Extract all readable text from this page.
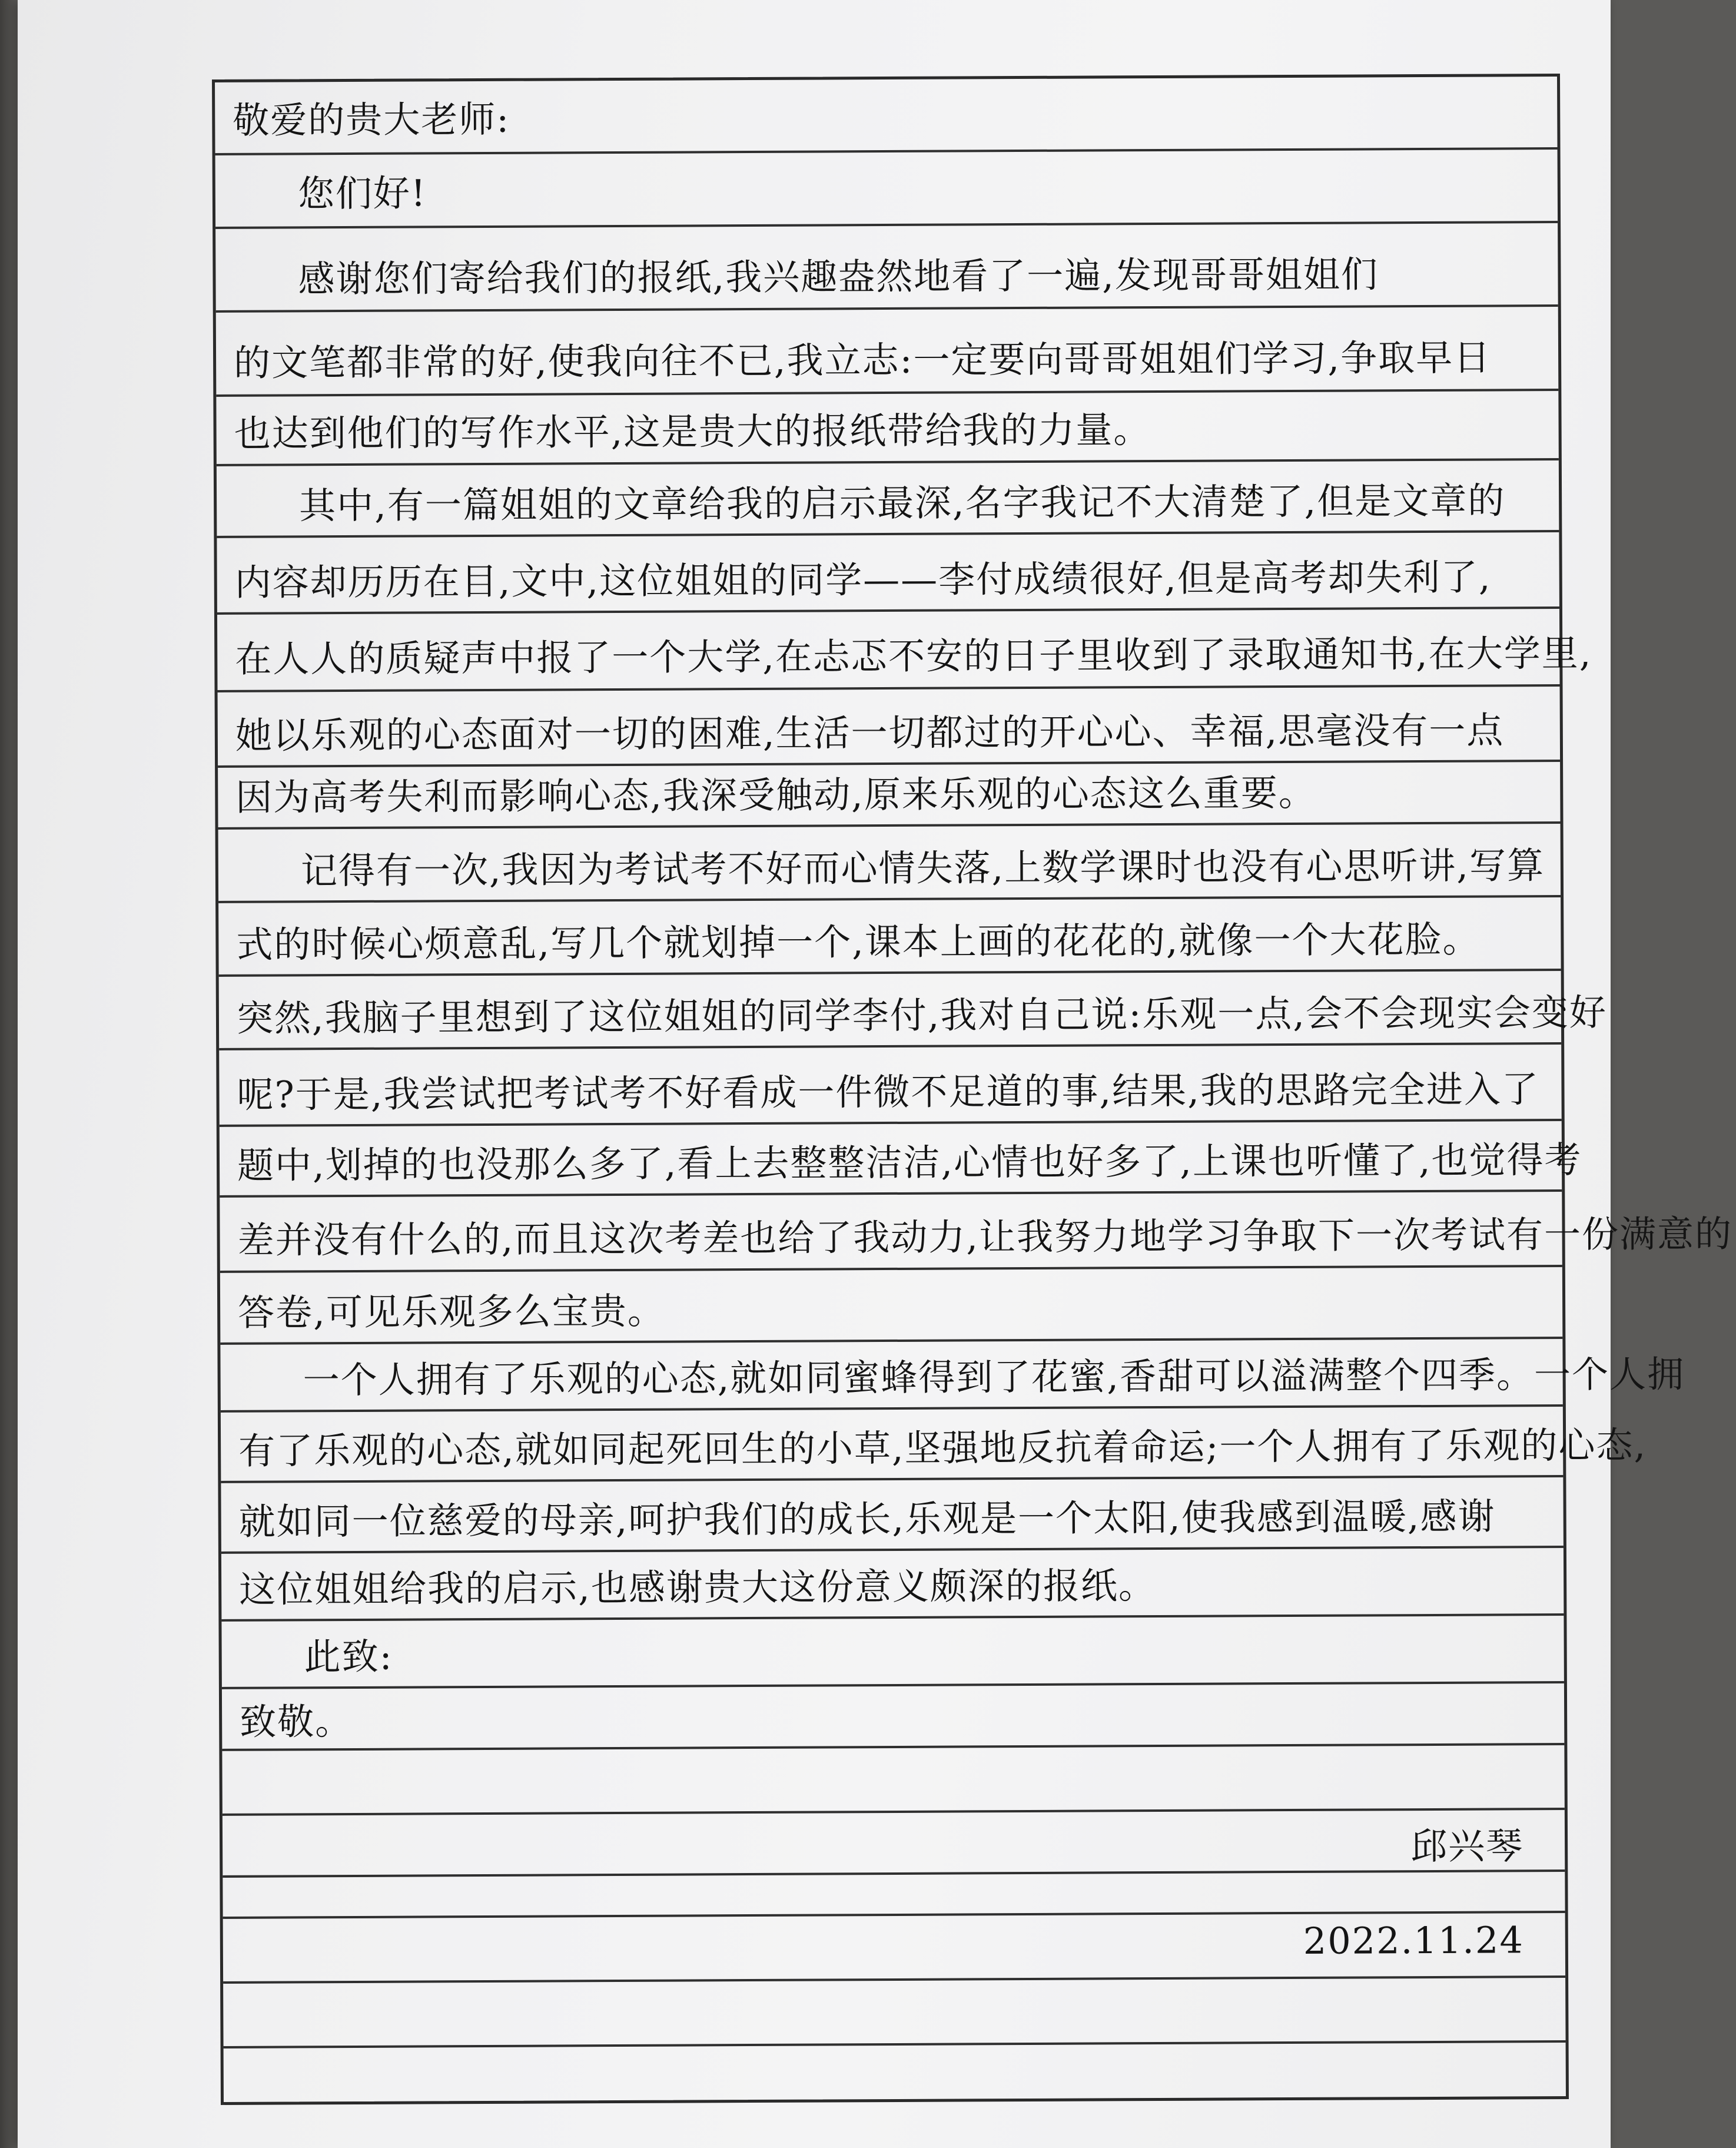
敬爱的贵大老师:
您们好!
感谢您们寄给我们的报纸,我兴趣盎然地看了一遍,发现哥哥姐姐们
的文笔都非常的好,使我向往不已,我立志:一定要向哥哥姐姐们学习,争取早日
也达到他们的写作水平,这是贵大的报纸带给我的力量。
其中,有一篇姐姐的文章给我的启示最深,名字我记不大清楚了,但是文章的
内容却历历在目,文中,这位姐姐的同学——李付成绩很好,但是高考却失利了,
在人人的质疑声中报了一个大学,在忐忑不安的日子里收到了录取通知书,在大学里,
她以乐观的心态面对一切的困难,生活一切都过的开心心、幸福,思毫没有一点
因为高考失利而影响心态,我深受触动,原来乐观的心态这么重要。
记得有一次,我因为考试考不好而心情失落,上数学课时也没有心思听讲,写算
式的时候心烦意乱,写几个就划掉一个,课本上画的花花的,就像一个大花脸。
突然,我脑子里想到了这位姐姐的同学李付,我对自己说:乐观一点,会不会现实会变好
呢?于是,我尝试把考试考不好看成一件微不足道的事,结果,我的思路完全进入了
题中,划掉的也没那么多了,看上去整整洁洁,心情也好多了,上课也听懂了,也觉得考
差并没有什么的,而且这次考差也给了我动力,让我努力地学习争取下一次考试有一份满意的
答卷,可见乐观多么宝贵。
一个人拥有了乐观的心态,就如同蜜蜂得到了花蜜,香甜可以溢满整个四季。一个人拥
有了乐观的心态,就如同起死回生的小草,坚强地反抗着命运;一个人拥有了乐观的心态,
就如同一位慈爱的母亲,呵护我们的成长,乐观是一个太阳,使我感到温暖,感谢
这位姐姐给我的启示,也感谢贵大这份意义颇深的报纸。
此致:
致敬。
邱兴琴
2022.11.24
